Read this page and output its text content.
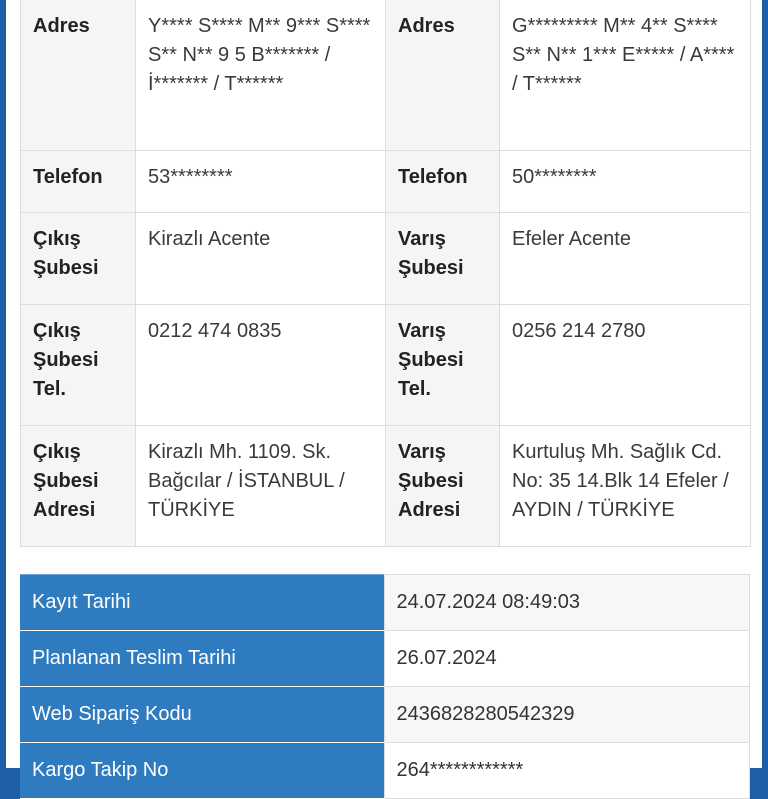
Adres	Y**** S**** M** 9*** S**** S** N** 9 5 B******* / İ******* / T******	Adres	G********* M** 4** S**** S** N** 1*** E***** / A**** / T******
Telefon	53********	Telefon	50********
Çıkış Şubesi	Kirazlı Acente	Varış Şubesi	Efeler Acente
Çıkış Şubesi Tel.	0212 474 0835	Varış Şubesi Tel.	0256 214 2780
Çıkış Şubesi Adresi	Kirazlı Mh. 1109. Sk. Bağcılar / İSTANBUL / TÜRKİYE	Varış Şubesi Adresi	Kurtuluş Mh. Sağlık Cd. No: 35 14.Blk 14 Efeler / AYDIN / TÜRKİYE
Kayıt Tarihi	24.07.2024 08:49:03
Planlanan Teslim Tarihi	26.07.2024
Web Sipariş Kodu	2436828280542329
Kargo Takip No	264************
